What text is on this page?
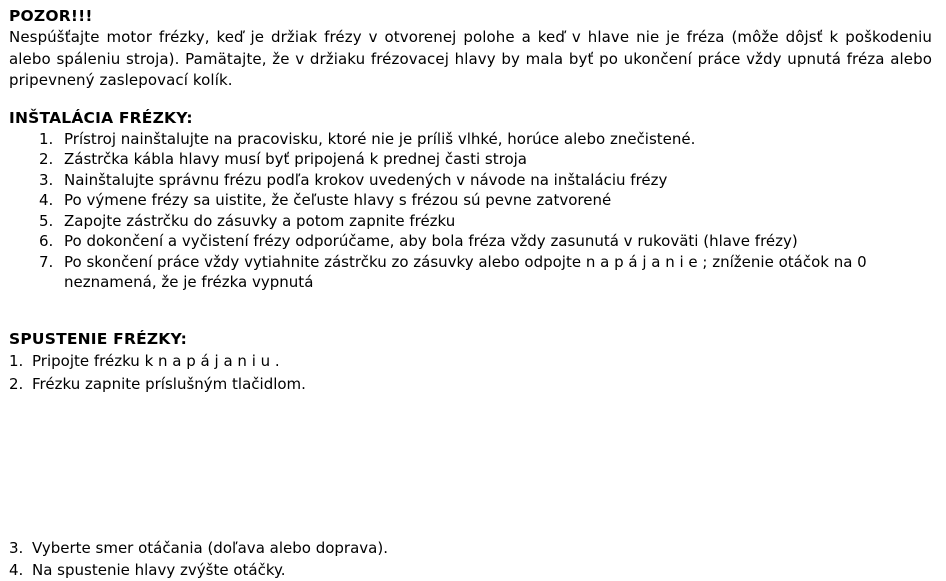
POZOR!!!

Nespúšťajte motor frézky, keď je držiak frézy v otvorenej polohe a keď v hlave nie je fréza (môže dôjsť k poškodeniu alebo spáleniu stroja). Pamätajte, že v držiaku frézovacej hlavy by mala byť po ukončení práce vždy upnutá fréza alebo pripevnený zaslepovací kolík.

INŠTALÁCIA FRÉZKY:
1. Prístroj nainštalujte na pracovisku, ktoré nie je príliš vlhké, horúce alebo znečistené.
2. Zástrčka kábla hlavy musí byť pripojená k prednej časti stroja
3. Nainštalujte správnu frézu podľa krokov uvedených v návode na inštaláciu frézy
4. Po výmene frézy sa uistite, že čeľuste hlavy s frézou sú pevne zatvorené
5. Zapojte zástrčku do zásuvky a potom zapnite frézku
6. Po dokončení a vyčistení frézy odporúčame, aby bola fréza vždy zasunutá v rukoväti (hlave frézy)
7. Po skončení práce vždy vytiahnite zástrčku zo zásuvky alebo odpojte n a p á j a n i e ; zníženie otáčok na 0 neznamená, že je frézka vypnutá
SPUSTENIE FRÉZKY:
1. Pripojte frézku k n a p á j a n i u .
2. Frézku zapnite príslušným tlačidlom.
3. Vyberte smer otáčania (doľava alebo doprava).
4. Na spustenie hlavy zvýšte otáčky.
